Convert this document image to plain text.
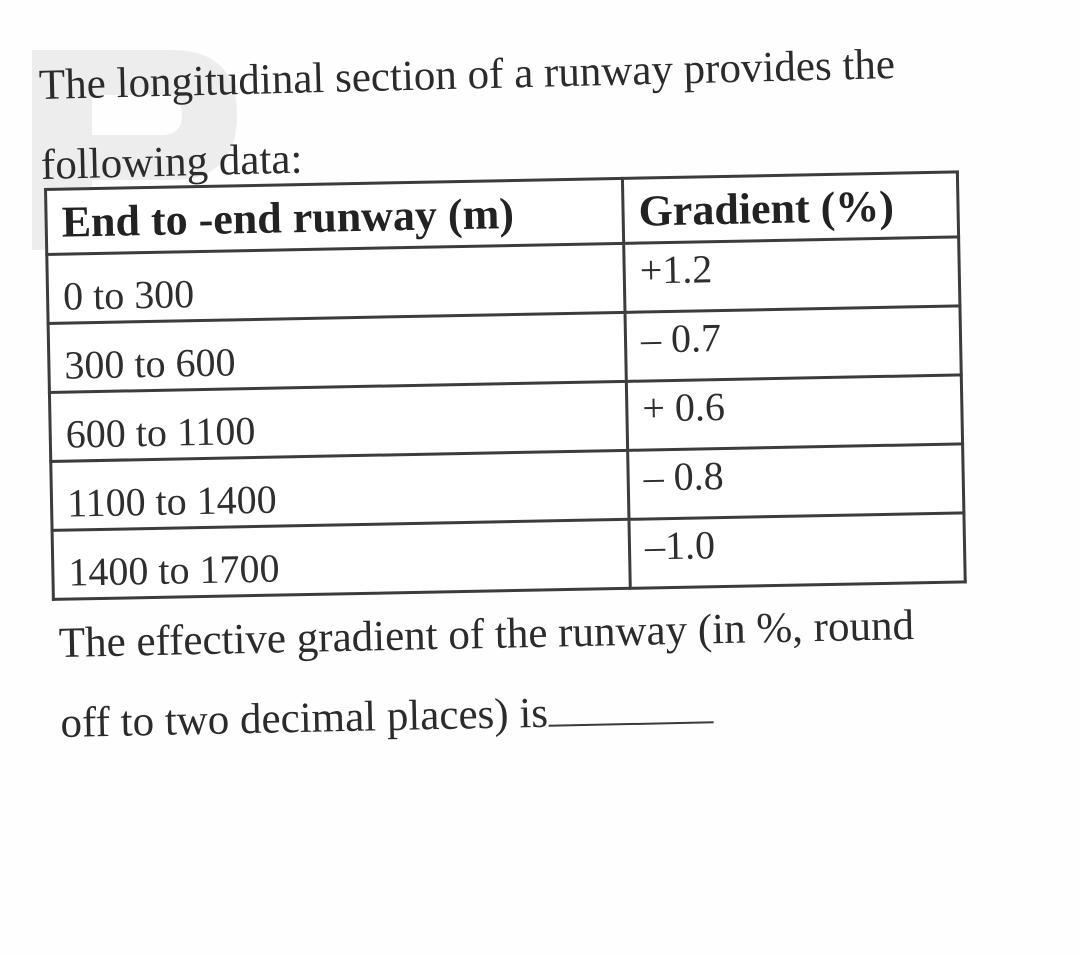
The longitudinal section of a runway provides the
following data:
End to -end runway (m)	Gradient (%)
0 to 300	+1.2
300 to 600	– 0.7
600 to 1100	+ 0.6
1100 to 1400	– 0.8
1400 to 1700	–1.0
The effective gradient of the runway (in %, round
off to two decimal places) is
